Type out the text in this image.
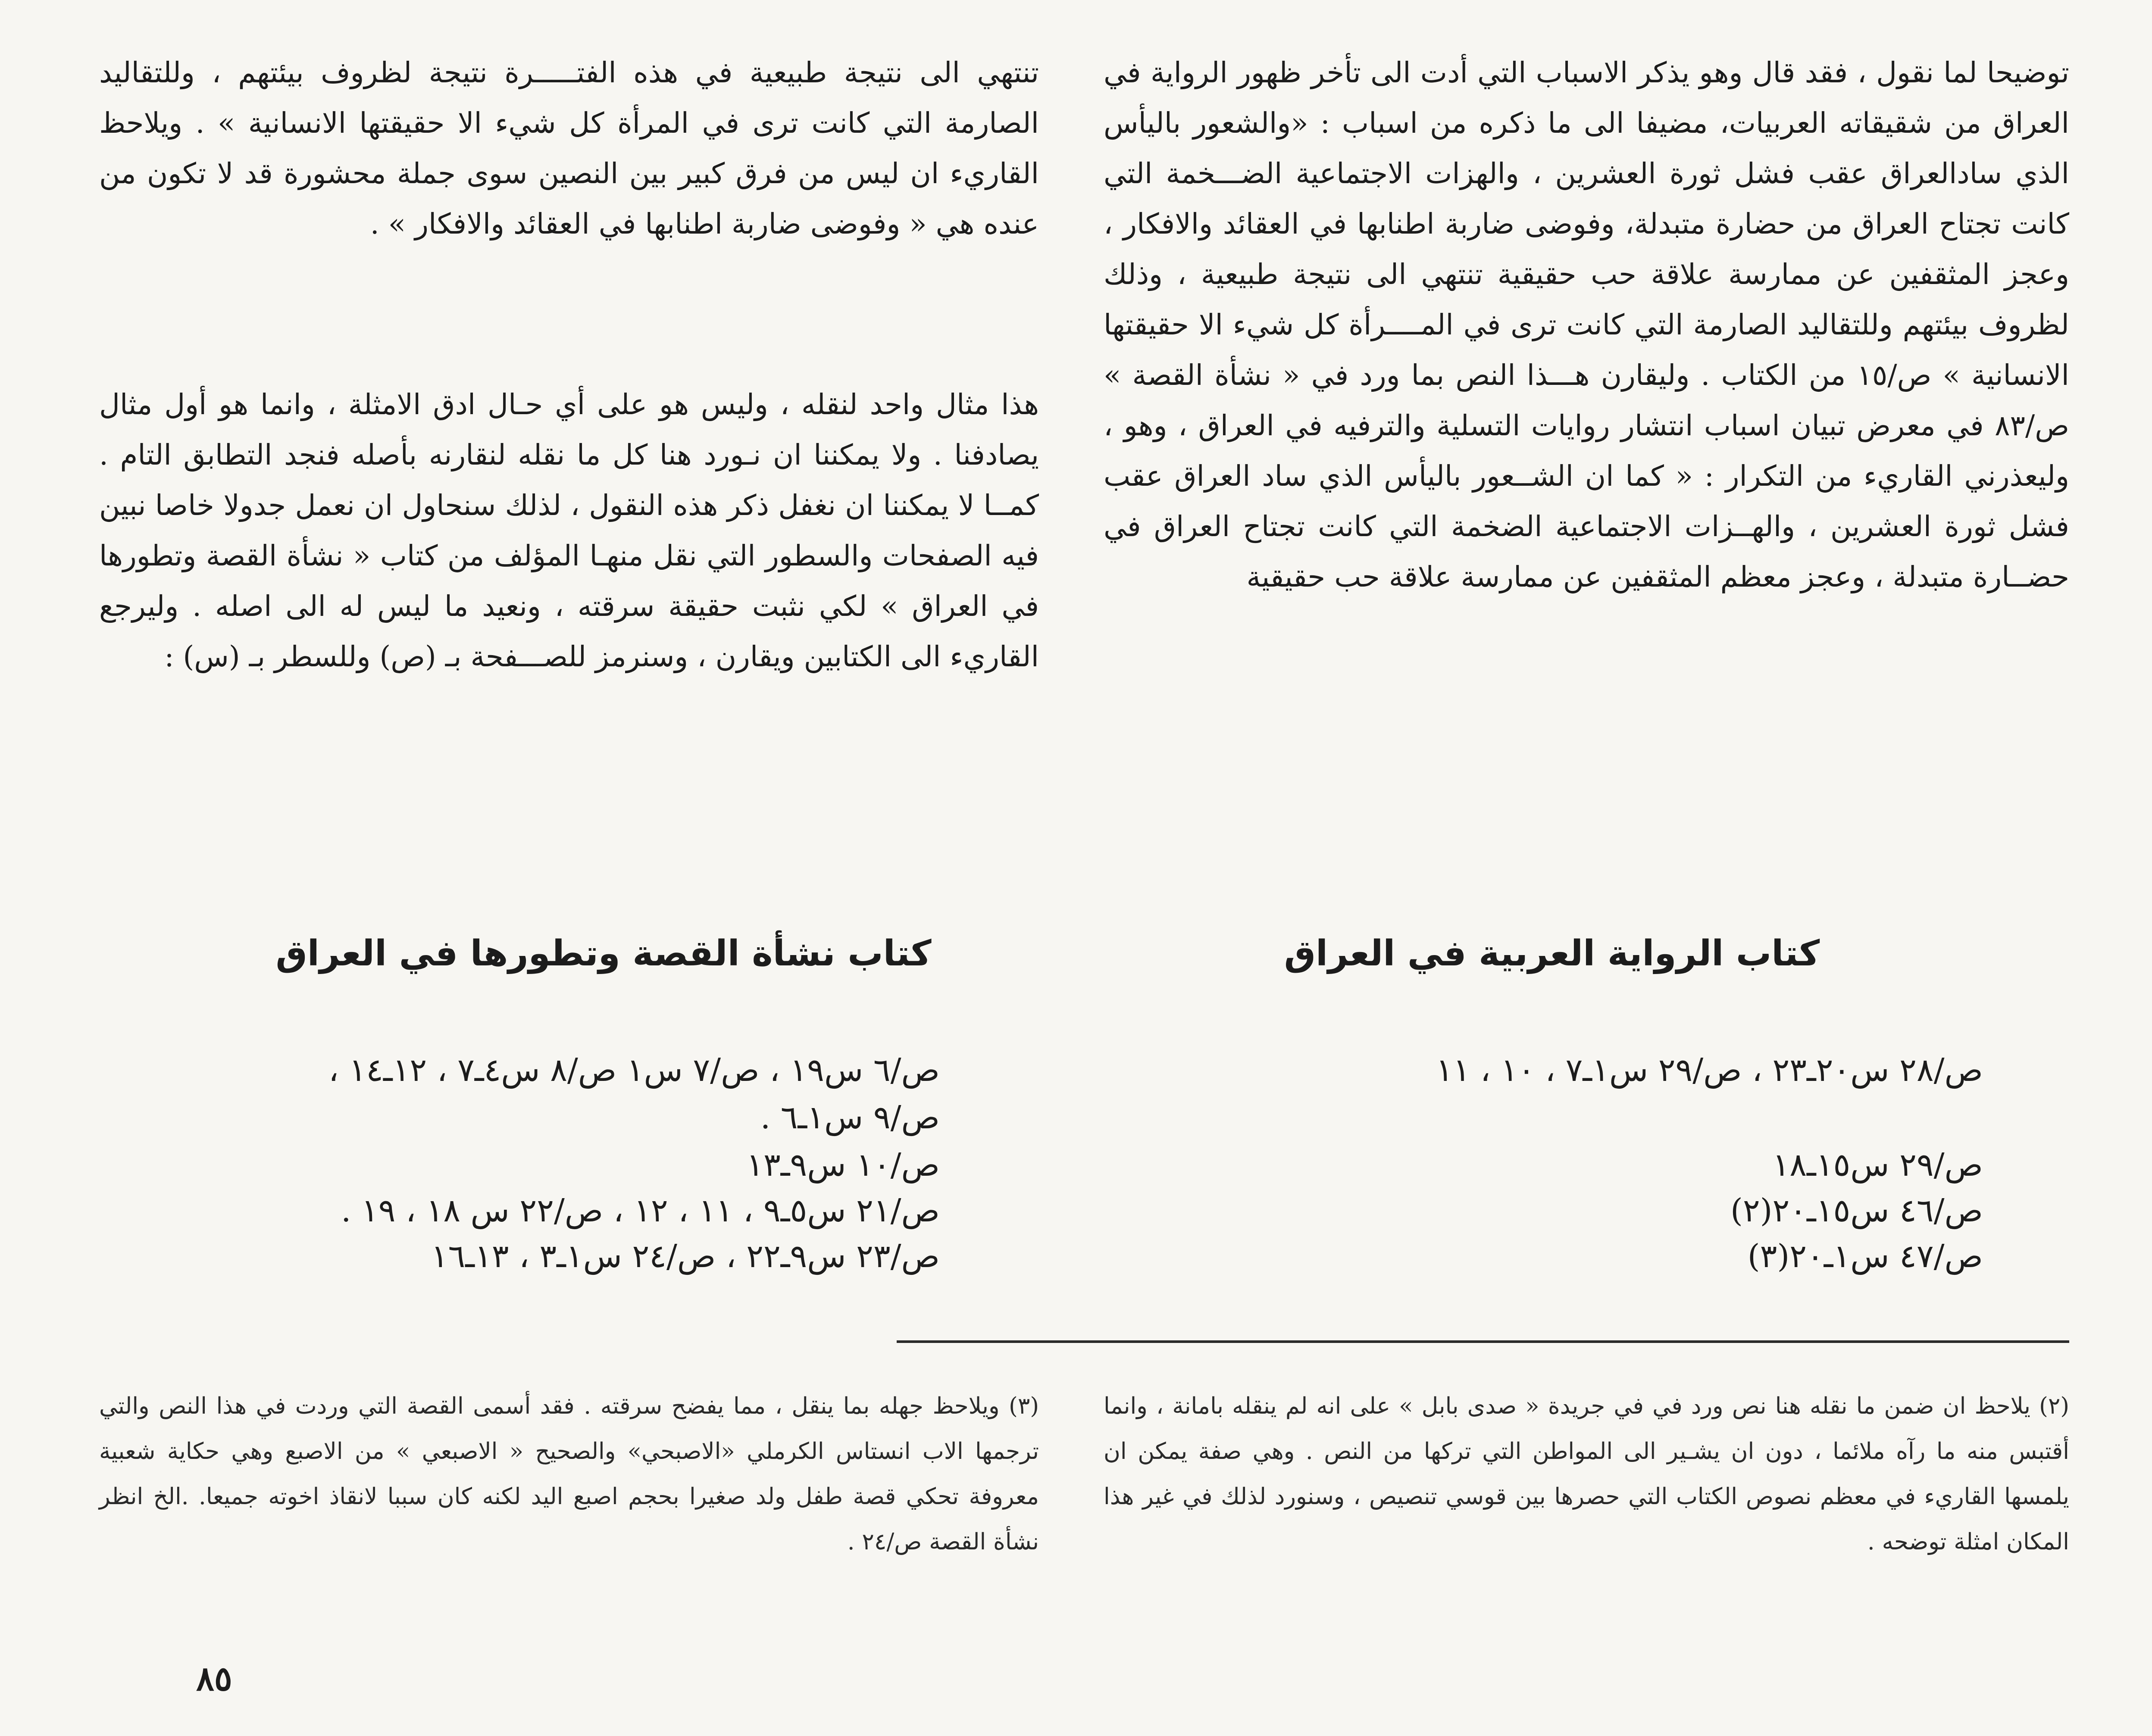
توضيحا لما نقول ، فقد قال وهو يذكر الاسباب التي أدت الى تأخر ظهور الرواية في العراق من شقيقاته العربيات، مضيفا الى ما ذكره من اسباب : «والشعور باليأس الذي سادالعراق عقب فشل ثورة العشرين ، والهزات الاجتماعية الضـــخمة التي كانت تجتاح العراق من حضارة متبدلة، وفوضى ضاربة اطنابها في العقائد والافكار ، وعجز المثقفين عن ممارسة علاقة حب حقيقية تنتهي الى نتيجة طبيعية ، وذلك لظروف بيئتهم وللتقاليد الصارمة التي كانت ترى في المــــرأة كل شيء الا حقيقتها الانسانية » ص/١٥ من الكتاب . وليقارن هـــذا النص بما ورد في « نشأة القصة » ص/٨٣ في معرض تبيان اسباب انتشار روايات التسلية والترفيه في العراق ، وهو ، وليعذرني القاريء من التكرار : « كما ان الشــعور باليأس الذي ساد العراق عقب فشل ثورة العشرين ، والهــزات الاجتماعية الضخمة التي كانت تجتاح العراق في حضــارة متبدلة ، وعجز معظم المثقفين عن ممارسة علاقة حب حقيقية

تنتهي الى نتيجة طبيعية في هذه الفتـــــرة نتيجة لظروف بيئتهم ، وللتقاليد الصارمة التي كانت ترى في المرأة كل شيء الا حقيقتها الانسانية » . ويلاحظ القاريء ان ليس من فرق كبير بين النصين سوى جملة محشورة قد لا تكون من عنده هي « وفوضى ضاربة اطنابها في العقائد والافكار » .

هذا مثال واحد لنقله ، وليس هو على أي حـال ادق الامثلة ، وانما هو أول مثال يصادفنا . ولا يمكننا ان نـورد هنا كل ما نقله لنقارنه بأصله فنجد التطابق التام . كمــا لا يمكننا ان نغفل ذكر هذه النقول ، لذلك سنحاول ان نعمل جدولا خاصا نبين فيه الصفحات والسطور التي نقل منهـا المؤلف من كتاب « نشأة القصة وتطورها في العراق » لكي نثبت حقيقة سرقته ، ونعيد ما ليس له الى اصله . وليرجع القاريء الى الكتابين ويقارن ، وسنرمز للصـــفحة بـ (ص) وللسطر بـ (س) :

كتاب الرواية العربية في العراق
كتاب نشأة القصة وتطورها في العراق
ص/٢٨ س٢٠ـ٢٣ ، ص/٢٩ س١ـ٧ ، ١٠ ، ١١
ص/٢٩ س١٥ـ١٨
ص/٤٦ س١٥ـ٢٠(٢)
ص/٤٧ س١ـ٢٠(٣)
ص/٦ س١٩ ، ص/٧ س١ ص/٨ س٤ـ٧ ، ١٢ـ١٤ ،
ص/٩ س١ـ٦ .
ص/١٠ س٩ـ١٣
ص/٢١ س٥ـ٩ ، ١١ ، ١٢ ، ص/٢٢ س ١٨ ، ١٩ .
ص/٢٣ س٩ـ٢٢ ، ص/٢٤ س١ـ٣ ، ١٣ـ١٦

(٢) يلاحظ ان ضمن ما نقله هنا نص ورد في في جريدة « صدى بابل » على انه لم ينقله بامانة ، وانما أقتبس منه ما رآه ملائما ، دون ان يشـير الى المواطن التي تركها من النص . وهي صفة يمكن ان يلمسها القاريء في معظم نصوص الكتاب التي حصرها بين قوسي تنصيص ، وسنورد لذلك في غير هذا المكان امثلة توضحه .

(٣) ويلاحظ جهله بما ينقل ، مما يفضح سرقته . فقد أسمى القصة التي وردت في هذا النص والتي ترجمها الاب انستاس الكرملي «الاصبحي» والصحيح « الاصبعي » من الاصبع وهي حكاية شعبية معروفة تحكي قصة طفل ولد صغيرا بحجم اصبع اليد لكنه كان سببا لانقاذ اخوته جميعا. .الخ انظر نشأة القصة ص/٢٤ .

٨٥
